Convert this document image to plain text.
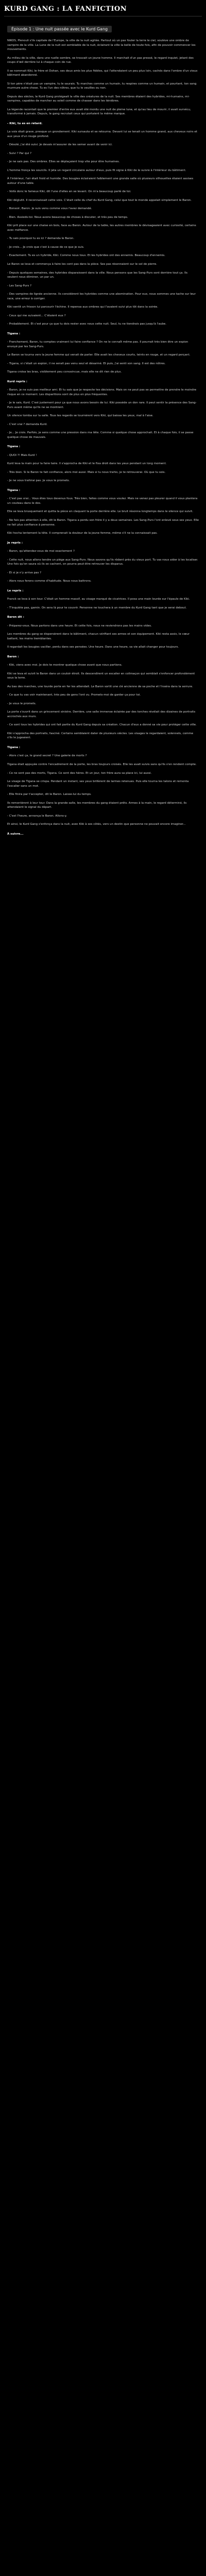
KURD GANG : LA FANFICTION
Épisode 1 : Une nuit passée avec le Kurd Gang

NIKOS, Plenouli s'ils capitale de l'Europe, la ville de la nuit agitée. Partout où un pas fouler la terre le ciel, soulève une ombre de vampire de la ville. La Lune de la nuit est semblable de la nuit, éclairant la ville la belle de toute fois, afin de pouvoir commencer les mouvements.

Au milieu de la ville, dans une ruelle sombre, se trouvait un jeune homme. Il marchait d'un pas pressé, le regard inquiet, jetant des coups d'œil derrière lui à chaque coin de rue.

Il se nommait Kiki, le frère et Dohan, ses deux amis les plus fidèles, qui l'attendaient un peu plus loin, cachés dans l'ombre d'un vieux bâtiment abandonné.

Si ton père n'était pas un vampire, tu le saurais. Tu marches comme un humain, tu respires comme un humain, et pourtant, ton sang murmure autre chose. Tu es l'un des nôtres, que tu le veuilles ou non.

Depuis des siècles, le Kurd Gang protégeait la ville des créatures de la nuit. Ses membres étaient des hybrides, mi-humains, mi-vampires, capables de marcher au soleil comme de chasser dans les ténèbres.

La légende racontait que le premier d'entre eux avait été mordu une nuit de pleine lune, et qu'au lieu de mourir, il avait survécu, transformé à jamais. Depuis, le gang recrutait ceux qui portaient la même marque.

- Kiki, tu es en retard.

La voix était grave, presque un grondement. Kiki sursauta et se retourna. Devant lui se tenait un homme grand, aux cheveux noirs et aux yeux d'un rouge profond.

- Désolé, j'ai été suivi. Je devais m'assurer de les semer avant de venir ici.

- Suivi ? Par qui ?

- Je ne sais pas. Des ombres. Elles se déplaçaient trop vite pour être humaines.

L'homme fronça les sourcils. Il jeta un regard circulaire autour d'eux, puis fit signe à Kiki de le suivre à l'intérieur du bâtiment.

À l'intérieur, l'air était froid et humide. Des bougies éclairaient faiblement une grande salle où plusieurs silhouettes étaient assises autour d'une table.

- Voilà donc le fameux Kiki, dit l'une d'elles en se levant. On m'a beaucoup parlé de toi.

Kiki déglutit. Il reconnaissait cette voix. C'était celle du chef du Kurd Gang, celui que tout le monde appelait simplement le Baron.

- Bonsoir, Baron. Je suis venu comme vous l'avez demandé.

- Bien. Assieds-toi. Nous avons beaucoup de choses à discuter, et très peu de temps.

Kiki prit place sur une chaise en bois, face au Baron. Autour de la table, les autres membres le dévisageaient avec curiosité, certains avec méfiance.

- Tu sais pourquoi tu es ici ? demanda le Baron.

- Je crois... Je crois que c'est à cause de ce que je suis.

- Exactement. Tu es un hybride, Kiki. Comme nous tous. Et les hybrides ont des ennemis. Beaucoup d'ennemis.

Le Baron se leva et commença à faire les cent pas dans la pièce. Ses pas résonnaient sur le sol de pierre.

- Depuis quelques semaines, des hybrides disparaissent dans la ville. Nous pensons que les Sang-Purs sont derrière tout ça. Ils veulent nous éliminer, un par un.

- Les Sang-Purs ?

- Des vampires de lignée ancienne. Ils considèrent les hybrides comme une abomination. Pour eux, nous sommes une tache sur leur race, une erreur à corriger.

Kiki sentit un frisson lui parcourir l'échine. Il repensa aux ombres qui l'avaient suivi plus tôt dans la soirée.

- Ceux qui me suivaient... C'étaient eux ?

- Probablement. Et c'est pour ça que tu dois rester avec nous cette nuit. Seul, tu ne tiendrais pas jusqu'à l'aube.

Tigana :

- Franchement, Baron, tu comptes vraiment lui faire confiance ? On ne le connaît même pas. Il pourrait très bien être un espion envoyé par les Sang-Purs.

Le Baron se tourna vers la jeune femme qui venait de parler. Elle avait les cheveux courts, teints en rouge, et un regard perçant.

- Tigana, si c'était un espion, il ne serait pas venu seul et désarmé. Et puis, j'ai senti son sang. Il est des nôtres.

Tigana croisa les bras, visiblement peu convaincue, mais elle ne dit rien de plus.

Kurd repris :

- Baron, je ne suis pas meilleur ami. Et tu sais que je respecte tes décisions. Mais on ne peut pas se permettre de prendre le moindre risque en ce moment. Les disparitions sont de plus en plus fréquentes.

- Je le sais, Kurd. C'est justement pour ça que nous avons besoin de lui. Kiki possède un don rare. Il peut sentir la présence des Sang-Purs avant même qu'ils ne se montrent.

Un silence tomba sur la salle. Tous les regards se tournèrent vers Kiki, qui baissa les yeux, mal à l'aise.

- C'est vrai ? demanda Kurd.

- Je... Je crois. Parfois, je sens comme une pression dans ma tête. Comme si quelque chose approchait. Et à chaque fois, il se passe quelque chose de mauvais.

Tigana :

- QUOI ?! Mais Kurd !

Kurd leva la main pour la faire taire. Il s'approcha de Kiki et le fixa droit dans les yeux pendant un long moment.

- Très bien. Si le Baron te fait confiance, alors moi aussi. Mais si tu nous trahis, je te retrouverai. Où que tu sois.

- Je ne vous trahirai pas. Je vous le promets.

Tigana :

- C'est pas vrai... Vous êtes tous devenus fous. Très bien, faites comme vous voulez. Mais ne venez pas pleurer quand il vous plantera un couteau dans le dos.

Elle se leva brusquement et quitta la pièce en claquant la porte derrière elle. Le bruit résonna longtemps dans le silence qui suivit.

- Ne fais pas attention à elle, dit le Baron. Tigana a perdu son frère il y a deux semaines. Les Sang-Purs l'ont enlevé sous ses yeux. Elle ne fait plus confiance à personne.

Kiki hocha lentement la tête. Il comprenait la douleur de la jeune femme, même s'il ne la connaissait pas.

Je repris :

- Baron, qu'attendez-vous de moi exactement ?

- Cette nuit, nous allons tendre un piège aux Sang-Purs. Nous savons qu'ils rôdent près du vieux port. Tu vas nous aider à les localiser. Une fois qu'on saura où ils se cachent, on pourra peut-être retrouver les disparus.

- Et si je n'y arrive pas ?

- Alors nous ferons comme d'habitude. Nous nous battrons.

Le repris :

Franck se leva à son tour. C'était un homme massif, au visage marqué de cicatrices. Il posa une main lourde sur l'épaule de Kiki.

- T'inquiète pas, gamin. On sera là pour te couvrir. Personne ne touchera à un membre du Kurd Gang tant que je serai debout.

Baron dit :

- Préparez-vous. Nous partons dans une heure. Et cette fois, nous ne reviendrons pas les mains vides.

Les membres du gang se dispersèrent dans le bâtiment, chacun vérifiant ses armes et son équipement. Kiki resta assis, le cœur battant, les mains tremblantes.

Il regardait les bougies vaciller, perdu dans ses pensées. Une heure. Dans une heure, sa vie allait changer pour toujours.

Baron :

- Kiki, viens avec moi. Je dois te montrer quelque chose avant que nous partions.

Kiki se leva et suivit le Baron dans un couloir étroit. Ils descendirent un escalier en colimaçon qui semblait s'enfoncer profondément sous la terre.

Au bas des marches, une lourde porte en fer les attendait. Le Baron sortit une clé ancienne de sa poche et l'inséra dans la serrure.

- Ce que tu vas voir maintenant, très peu de gens l'ont vu. Promets-moi de garder ça pour toi.

- Je vous le promets.

La porte s'ouvrit dans un grincement sinistre. Derrière, une salle immense éclairée par des torches révélait des dizaines de portraits accrochés aux murs.

- Ce sont tous les hybrides qui ont fait partie du Kurd Gang depuis sa création. Chacun d'eux a donné sa vie pour protéger cette ville.

Kiki s'approcha des portraits, fasciné. Certains semblaient dater de plusieurs siècles. Les visages le regardaient, solennels, comme s'ils le jugeaient.

Tigana :

- Alors c'est ça, le grand secret ? Une galerie de morts ?

Tigana était appuyée contre l'encadrement de la porte, les bras toujours croisés. Elle les avait suivis sans qu'ils s'en rendent compte.

- Ce ne sont pas des morts, Tigana. Ce sont des héros. Et un jour, ton frère aura sa place ici, lui aussi.

Le visage de Tigana se crispa. Pendant un instant, ses yeux brillèrent de larmes retenues. Puis elle tourna les talons et remonta l'escalier sans un mot.

- Elle finira par t'accepter, dit le Baron. Laisse-lui du temps.

Ils remontèrent à leur tour. Dans la grande salle, les membres du gang étaient prêts. Armes à la main, le regard déterminé, ils attendaient le signal du départ.

- C'est l'heure, annonça le Baron. Allons-y.

Et ainsi, le Kurd Gang s'enfonça dans la nuit, avec Kiki à ses côtés, vers un destin que personne ne pouvait encore imaginer...

À suivre...
